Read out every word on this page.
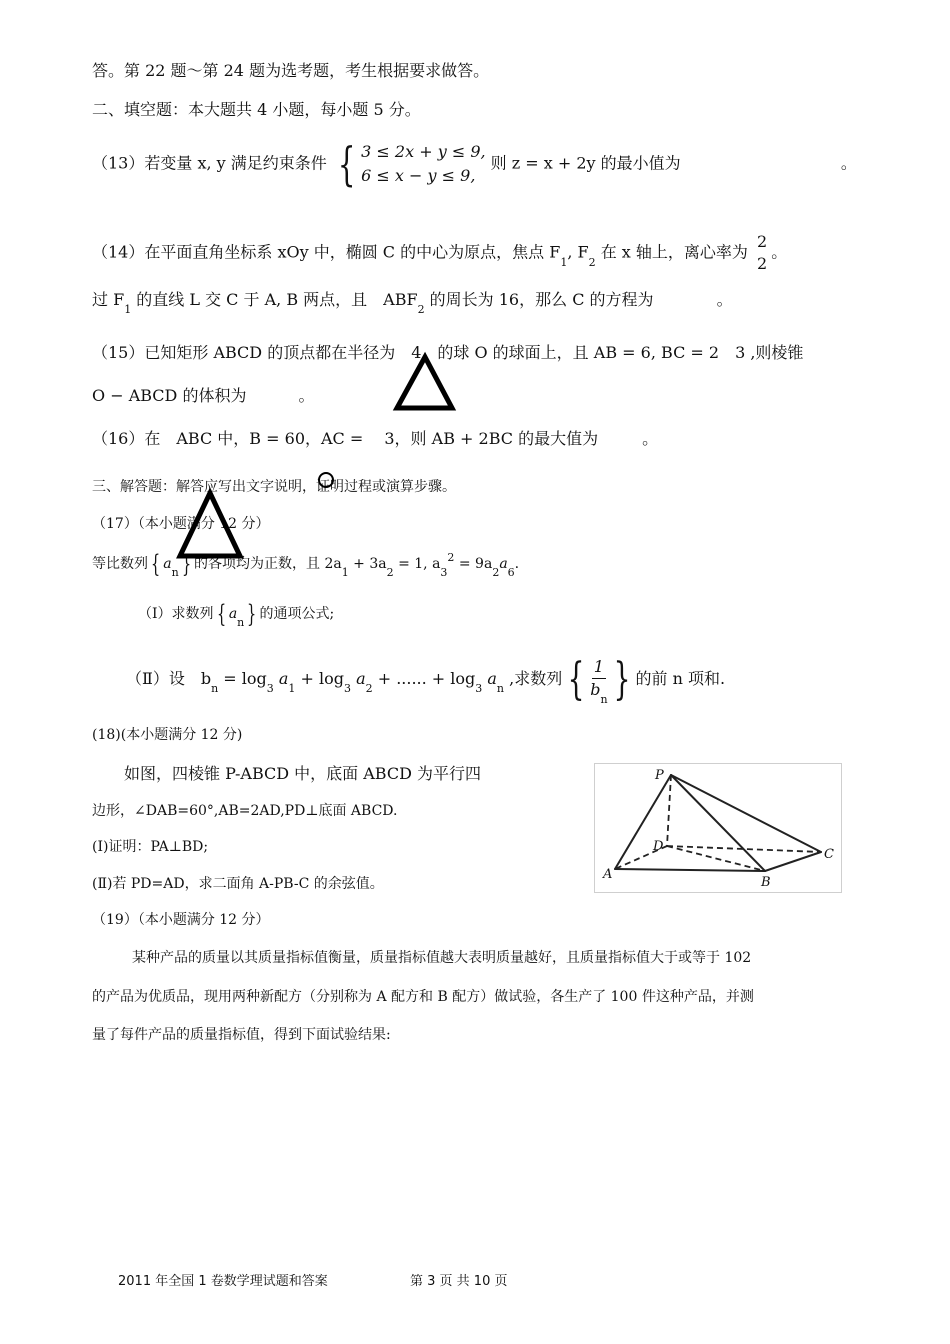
答。第 22 题～第 24 题为选考题，考生根据要求做答。
二、填空题：本大题共 4 小题，每小题 5 分。
（13）若变量 x, y 满足约束条件 { 3 ≤ 2x + y ≤ 9,
6 ≤ x − y ≤ 9,
则 z = x + 2y 的最小值为	。
（14）在平面直角坐标系 xOy 中，椭圆 C 的中心为原点，焦点 $F_1$, $F_2$ 在 x 轴上，离心率为
2
2
。
过 $F_1$ 的直线 L 交 C 于 A, B 两点，且　$ABF_2$ 的周长为 16，那么 C 的方程为	。
（15）已知矩形 ABCD 的顶点都在半径为　4　的球 O 的球面上，且 AB = 6, BC = 2　3 ,则棱锥
O − ABCD 的体积为	。
（16）在　ABC 中，B = 60，AC = 　3，则 AB + 2BC 的最大值为	。
三、解答题：解答应写出文字说明，证明过程或演算步骤。
（17）（本小题满分 12 分）
等比数列 { $a_n$ } 的各项均为正数，且 $2a_1 + 3a_2 = 1$, $a_3^2 = 9a_2a_6$.
（Ⅰ）求数列 { $a_n$ } 的通项公式;
（Ⅱ）设　$b_n = \log_3 a_1 + \log_3 a_2$ + ...... + $\log_3 a_n$ ,求数列 { $\frac{1}{b_n}$ } 的前 n 项和.
(18)(本小题满分 12 分)
如图，四棱锥 P-ABCD 中，底面 ABCD 为平行四
边形，∠DAB=60°,AB=2AD,PD⊥底面 ABCD.
(Ⅰ)证明：PA⊥BD;
(Ⅱ)若 PD=AD，求二面角 A-PB-C 的余弦值。
P
D
C
A
B
（19）（本小题满分 12 分）
某种产品的质量以其质量指标值衡量，质量指标值越大表明质量越好，且质量指标值大于或等于 102
的产品为优质品，现用两种新配方（分别称为 A 配方和 B 配方）做试验，各生产了 100 件这种产品，并测
量了每件产品的质量指标值，得到下面试验结果:
2011 年全国 1 卷数学理试题和答案	第 3 页 共 10 页
